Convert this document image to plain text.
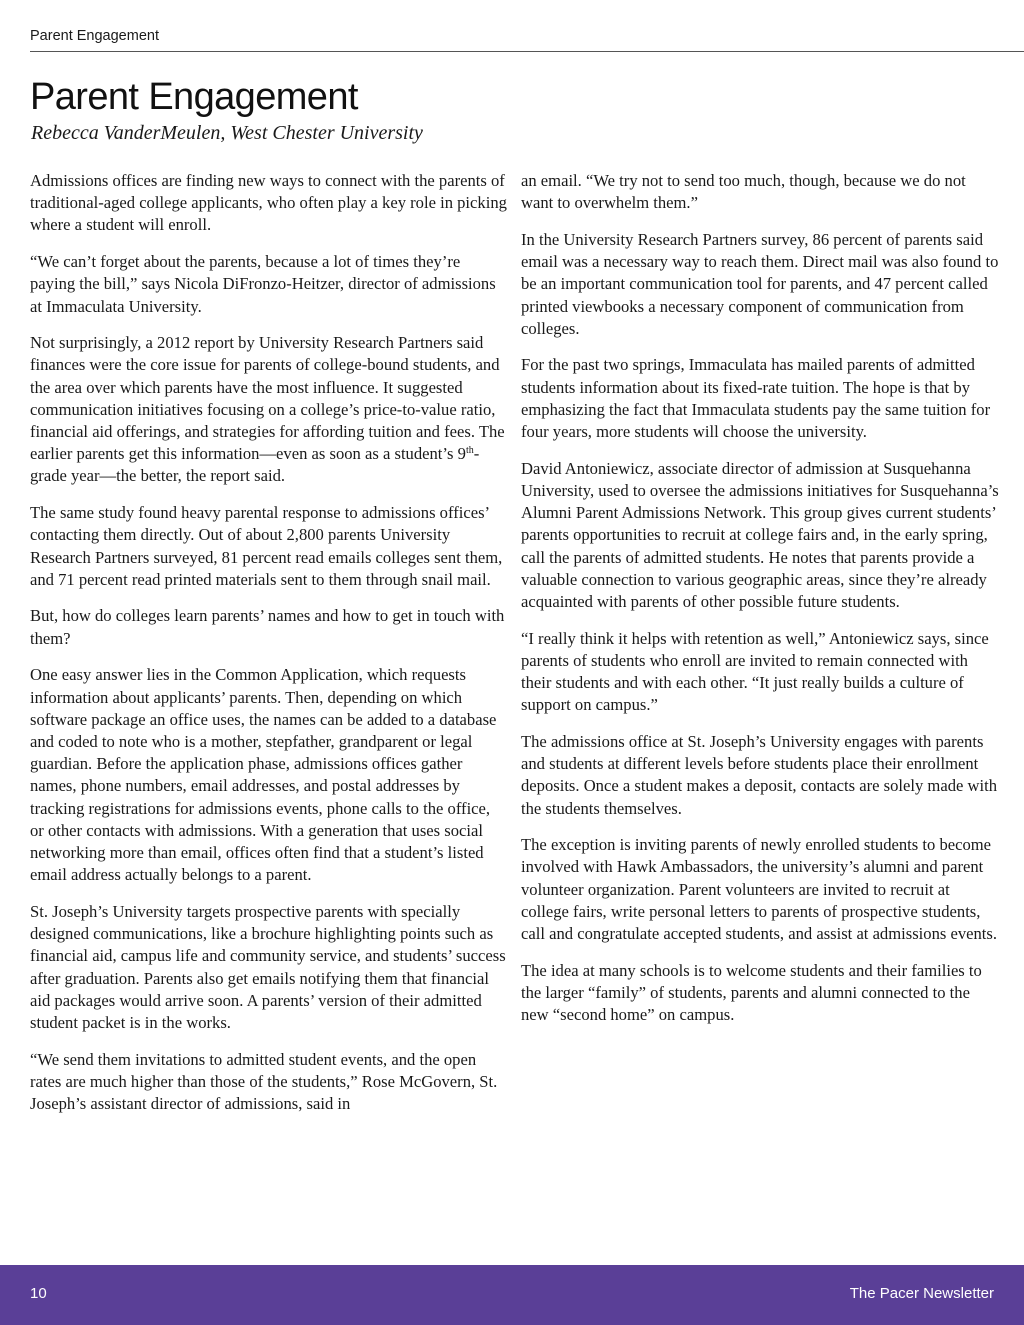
Parent Engagement
Parent Engagement
Rebecca VanderMeulen, West Chester University

Admissions offices are finding new ways to connect with the parents of traditional-aged college applicants, who often play a key role in picking where a student will enroll.

“We can’t forget about the parents, because a lot of times they’re paying the bill,” says Nicola DiFronzo-Heitzer, director of admissions at Immaculata University.

Not surprisingly, a 2012 report by University Research Partners said finances were the core issue for parents of college-bound students, and the area over which parents have the most influence. It suggested communication initiatives focusing on a college’s price-to-value ratio, financial aid offerings, and strategies for affording tuition and fees. The earlier parents get this information—even as soon as a student’s 9th-grade year—the better, the report said.

The same study found heavy parental response to admissions offices’ contacting them directly. Out of about 2,800 parents University Research Partners surveyed, 81 percent read emails colleges sent them, and 71 percent read printed materials sent to them through snail mail.

But, how do colleges learn parents’ names and how to get in touch with them?

One easy answer lies in the Common Application, which requests information about applicants’ parents. Then, depending on which software package an office uses, the names can be added to a database and coded to note who is a mother, stepfather, grandparent or legal guardian. Before the application phase, admissions offices gather names, phone numbers, email addresses, and postal addresses by tracking registrations for admissions events, phone calls to the office, or other contacts with admissions. With a generation that uses social networking more than email, offices often find that a student’s listed email address actually belongs to a parent.

St. Joseph’s University targets prospective parents with specially designed communications, like a brochure highlighting points such as financial aid, campus life and community service, and students’ success after graduation. Parents also get emails notifying them that financial aid packages would arrive soon. A parents’ version of their admitted student packet is in the works.

“We send them invitations to admitted student events, and the open rates are much higher than those of the students,” Rose McGovern, St. Joseph’s assistant director of admissions, said in

an email. “We try not to send too much, though, because we do not want to overwhelm them.”

In the University Research Partners survey, 86 percent of parents said email was a necessary way to reach them. Direct mail was also found to be an important communication tool for parents, and 47 percent called printed viewbooks a necessary component of communication from colleges.

For the past two springs, Immaculata has mailed parents of admitted students information about its fixed-rate tuition. The hope is that by emphasizing the fact that Immaculata students pay the same tuition for four years, more students will choose the university.

David Antoniewicz, associate director of admission at Susquehanna University, used to oversee the admissions initiatives for Susquehanna’s Alumni Parent Admissions Network. This group gives current students’ parents opportunities to recruit at college fairs and, in the early spring, call the parents of admitted students. He notes that parents provide a valuable connection to various geographic areas, since they’re already acquainted with parents of other possible future students.

“I really think it helps with retention as well,” Antoniewicz says, since parents of students who enroll are invited to remain connected with their students and with each other. “It just really builds a culture of support on campus.”

The admissions office at St. Joseph’s University engages with parents and students at different levels before students place their enrollment deposits. Once a student makes a deposit, contacts are solely made with the students themselves.

The exception is inviting parents of newly enrolled students to become involved with Hawk Ambassadors, the university’s alumni and parent volunteer organization. Parent volunteers are invited to recruit at college fairs, write personal letters to parents of prospective students, call and congratulate accepted students, and assist at admissions events.

The idea at many schools is to welcome students and their families to the larger “family” of students, parents and alumni connected to the new “second home” on campus.

10	The Pacer Newsletter
